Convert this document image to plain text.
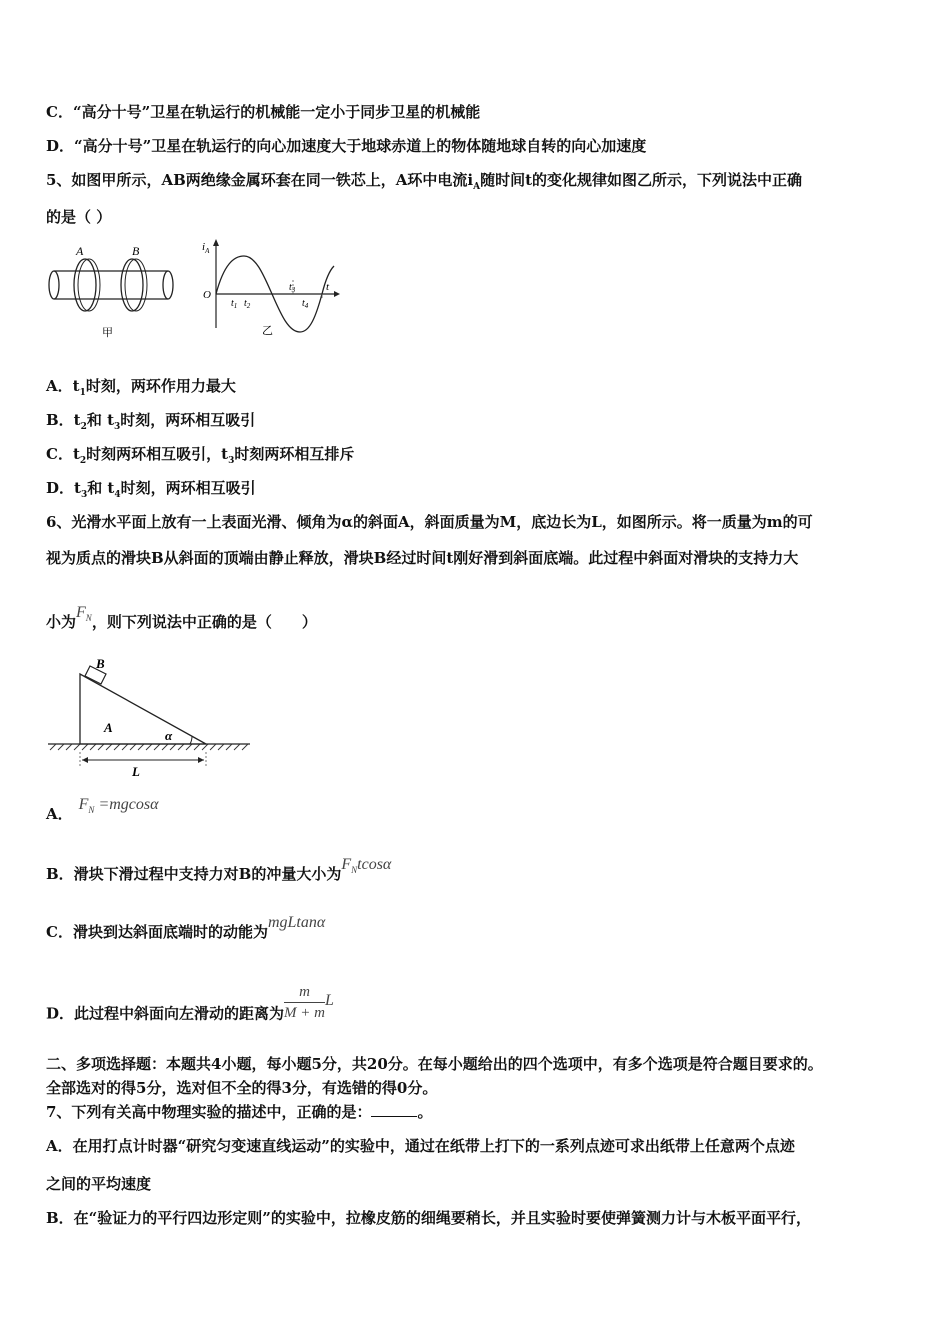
C．“高分十号”卫星在轨运行的机械能一定小于同步卫星的机械能
D．“高分十号”卫星在轨运行的向心加速度大于地球赤道上的物体随地球自转的向心加速度
5、如图甲所示，AB两绝缘金属环套在同一铁芯上，A环中电流$i_A$随时间t的变化规律如图乙所示，下列说法中正确
的是（ ）
A	B
甲
$i_A$
O
t
$t_1$ $t_2$
$t_3$
$t_4$
乙
A．$t_1$时刻，两环作用力最大
B．$t_2$和 $t_3$时刻，两环相互吸引
C．$t_2$时刻两环相互吸引，$t_3$时刻两环相互排斥
D．$t_3$和 $t_4$时刻，两环相互吸引
6、光滑水平面上放有一上表面光滑、倾角为α的斜面A，斜面质量为M，底边长为L，如图所示。将一质量为m的可
视为质点的滑块B从斜面的顶端由静止释放，滑块B经过时间t刚好滑到斜面底端。此过程中斜面对滑块的支持力大
小为$F_N$，则下列说法中正确的是（　　）
B
A
α
L
A．$F_N =mgcos\alpha$
B．滑块下滑过程中支持力对B的冲量大小为$F_Ntcos\alpha$
C．滑块到达斜面底端时的动能为mgLtanα
D．此过程中斜面向左滑动的距离为 $\frac{m}{M + m}$ L
二、多项选择题：本题共4小题，每小题5分，共20分。在每小题给出的四个选项中，有多个选项是符合题目要求的。
全部选对的得5分，选对但不全的得3分，有选错的得0分。
7、下列有关高中物理实验的描述中，正确的是：	。
A．在用打点计时器“研究匀变速直线运动”的实验中，通过在纸带上打下的一系列点迹可求出纸带上任意两个点迹
之间的平均速度
B．在“验证力的平行四边形定则”的实验中，拉橡皮筋的细绳要稍长，并且实验时要使弹簧测力计与木板平面平行，
